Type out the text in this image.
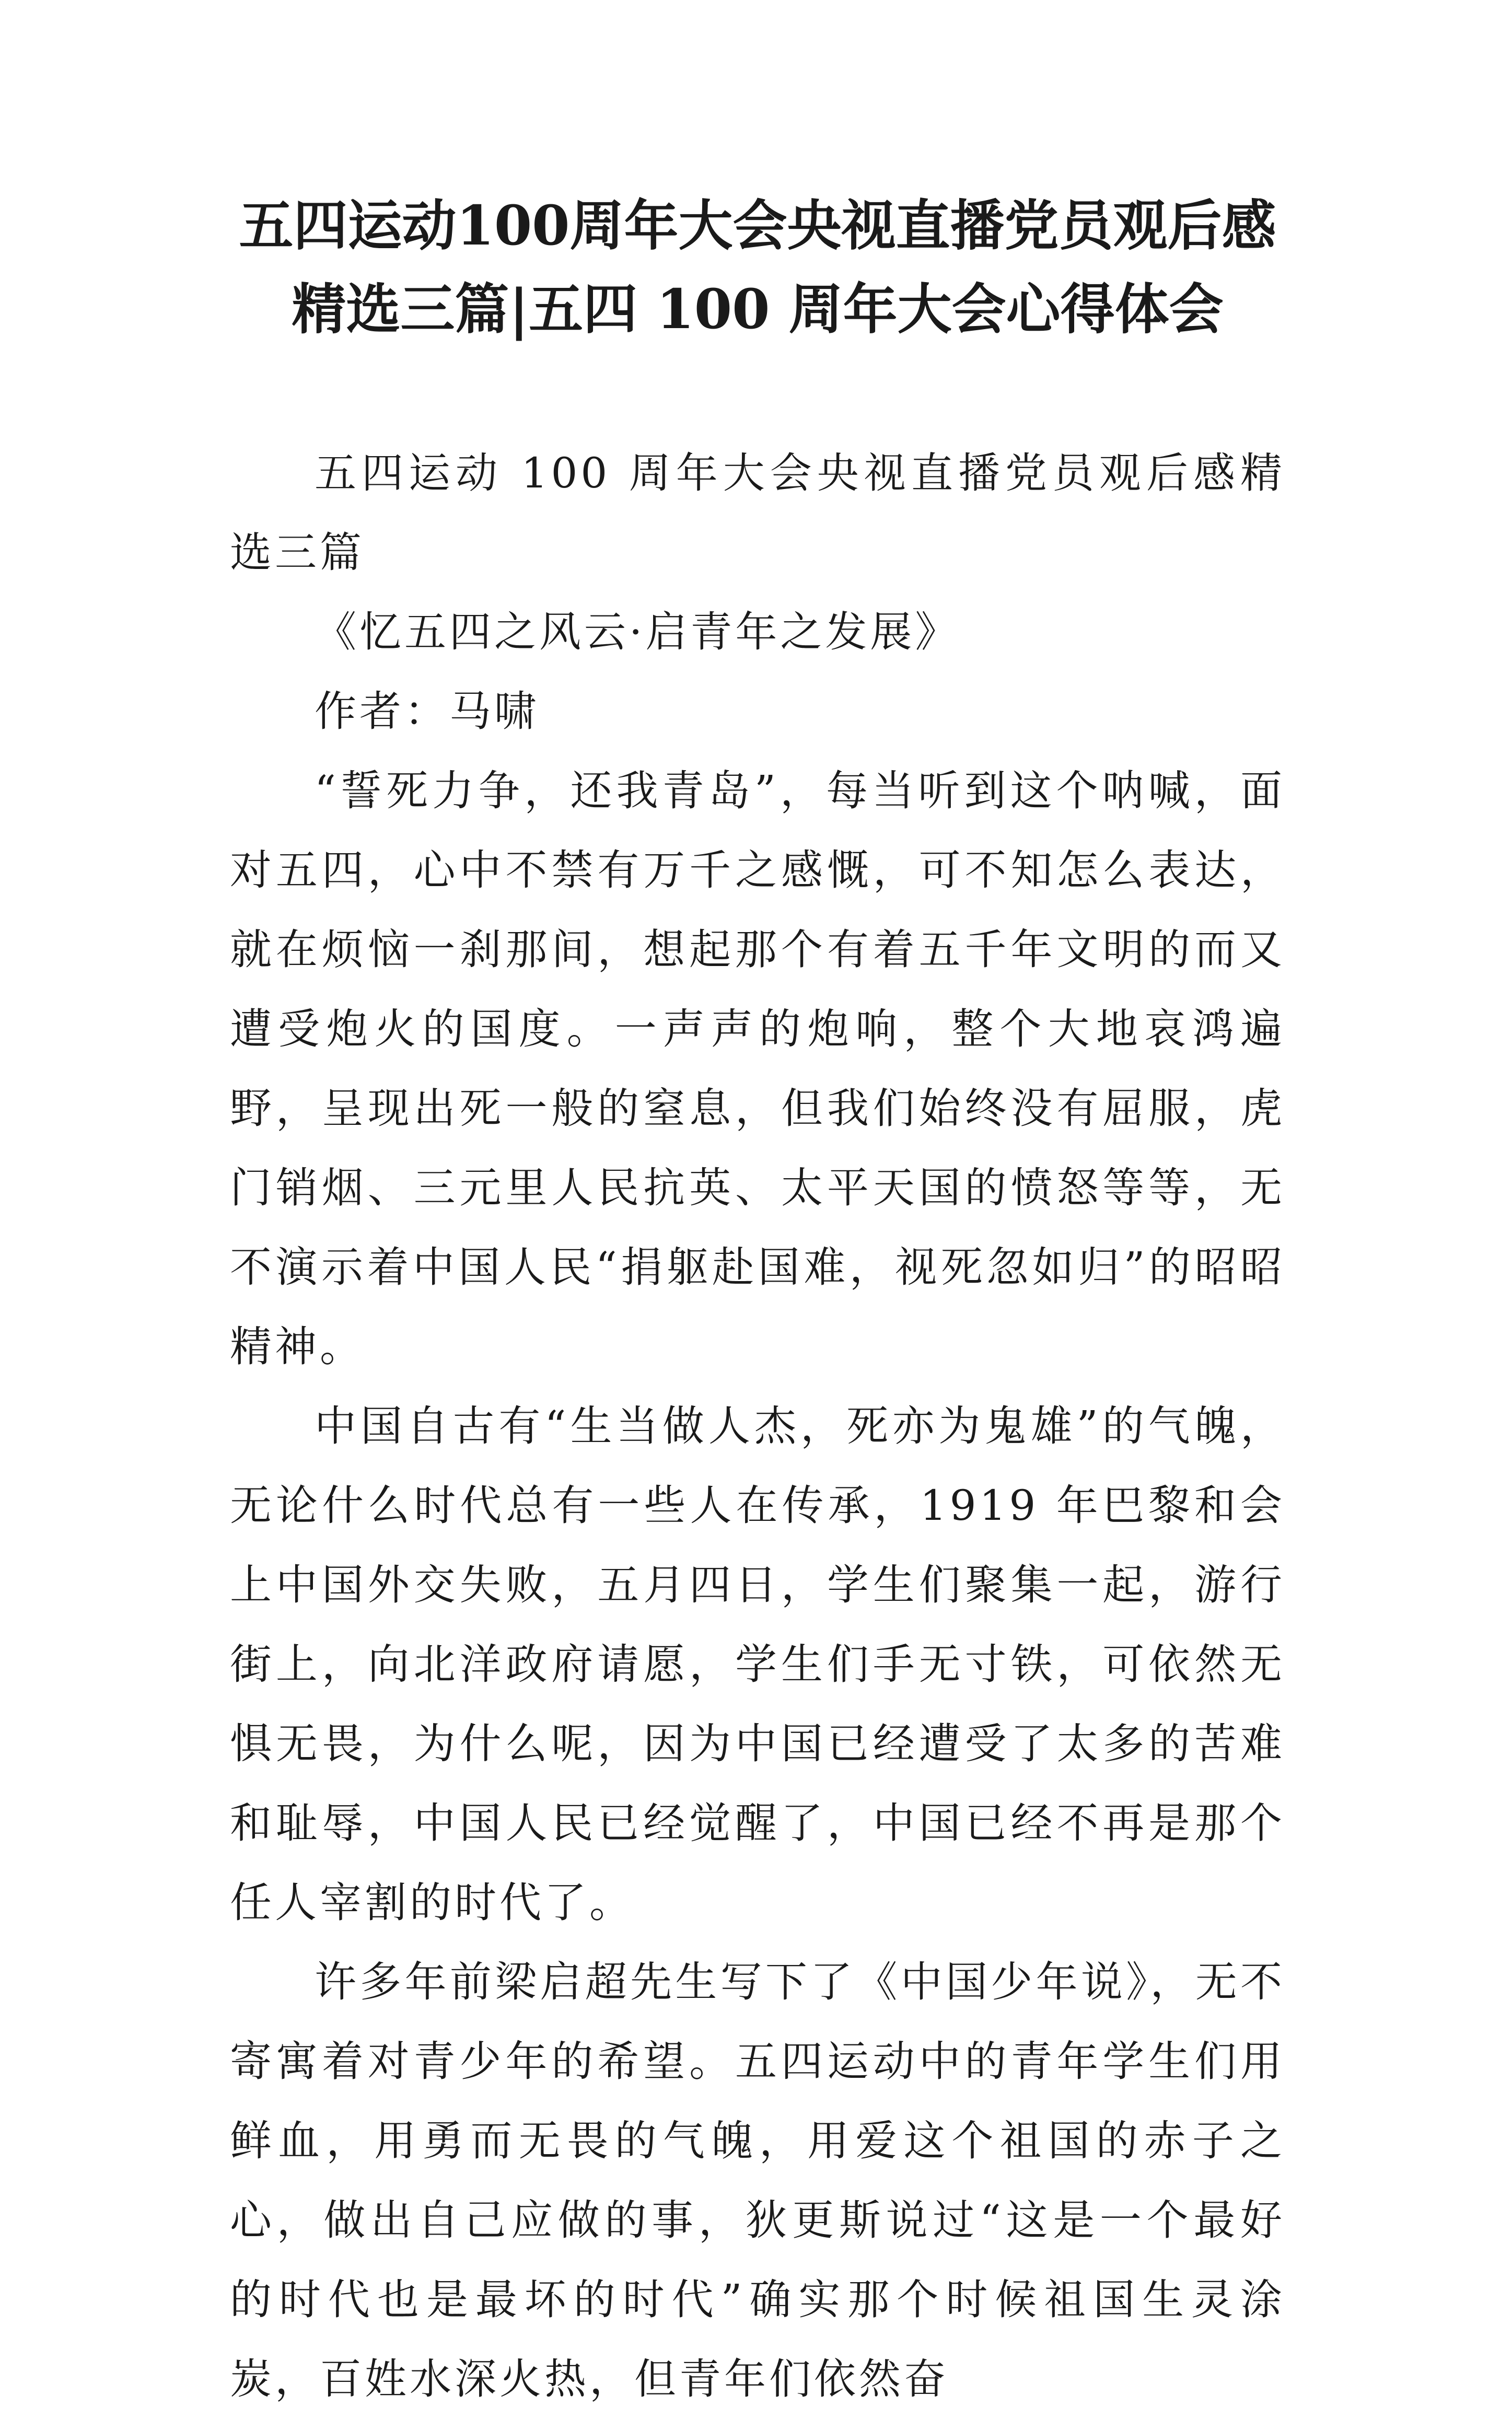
五四运动100周年大会央视直播党员观后感
精选三篇|五四 100 周年大会心得体会

五四运动 100 周年大会央视直播党员观后感精选三篇

《忆五四之风云·启青年之发展》

作者：马啸

“誓死力争，还我青岛”，每当听到这个呐喊，面对五四，心中不禁有万千之感慨，可不知怎么表达，就在烦恼一刹那间，想起那个有着五千年文明的而又遭受炮火的国度。一声声的炮响，整个大地哀鸿遍野，呈现出死一般的窒息，但我们始终没有屈服，虎门销烟、三元里人民抗英、太平天国的愤怒等等，无不演示着中国人民“捐躯赴国难，视死忽如归”的昭昭精神。

中国自古有“生当做人杰，死亦为鬼雄”的气魄，无论什么时代总有一些人在传承，1919 年巴黎和会上中国外交失败，五月四日，学生们聚集一起，游行街上，向北洋政府请愿，学生们手无寸铁，可依然无惧无畏，为什么呢，因为中国已经遭受了太多的苦难和耻辱，中国人民已经觉醒了，中国已经不再是那个任人宰割的时代了。

许多年前梁启超先生写下了《中国少年说》，无不寄寓着对青少年的希望。五四运动中的青年学生们用鲜血，用勇而无畏的气魄，用爱这个祖国的赤子之心，做出自己应做的事，狄更斯说过“这是一个最好的时代也是最坏的时代”确实那个时候祖国生灵涂炭，百姓水深火热，但青年们依然奋
